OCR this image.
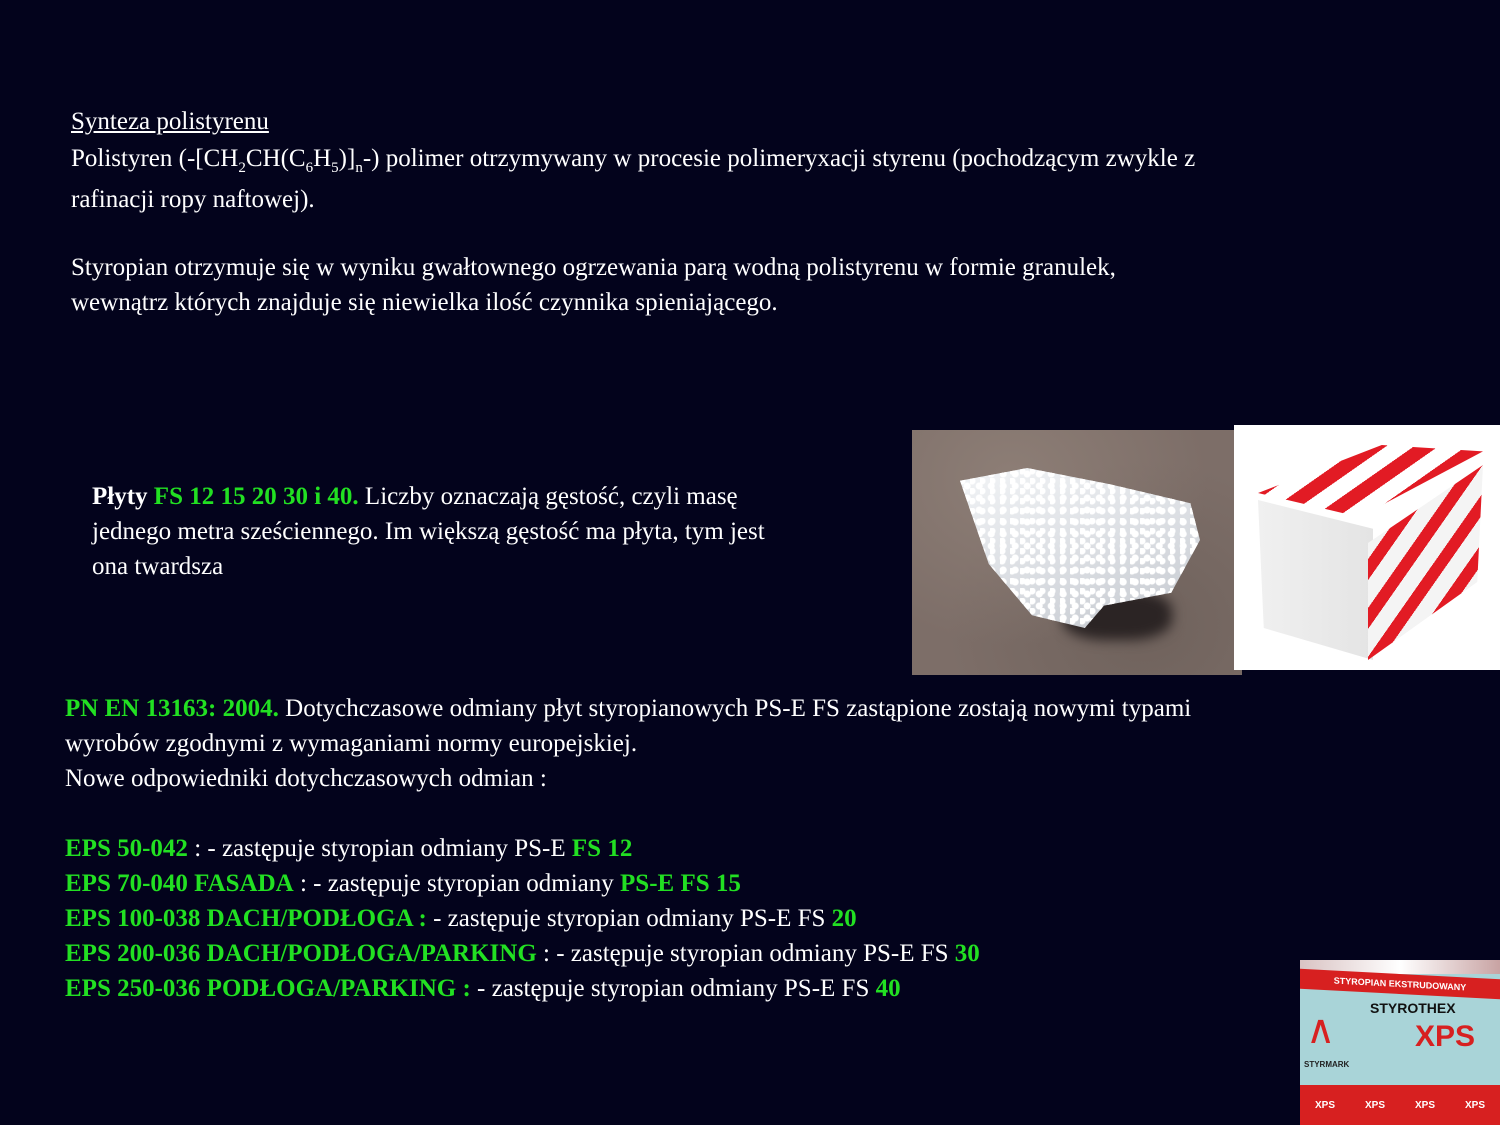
Synteza polistyrenu
Polistyren $(-[CH_2CH(C_6H_5)]_n-)$ polimer otrzymywany w procesie polimeryxacji styrenu (pochodzącym zwykle z
rafinacji ropy naftowej).
Styropian otrzymuje się w wyniku gwałtownego ogrzewania parą wodną polistyrenu w formie granulek,
wewnątrz których znajduje się niewielka ilość czynnika spieniającego.
Płyty FS 12 15 20 30 i 40. Liczby oznaczają gęstość, czyli masę
jednego metra sześciennego. Im większą gęstość ma płyta, tym jest
ona twardsza
PN EN 13163: 2004. Dotychczasowe odmiany płyt styropianowych PS-E FS zastąpione zostają nowymi typami
wyrobów zgodnymi z wymaganiami normy europejskiej.
Nowe odpowiedniki dotychczasowych odmian :
EPS 50-042 : - zastępuje styropian odmiany PS-E FS 12
EPS 70-040 FASADA : - zastępuje styropian odmiany PS-E FS 15
EPS 100-038 DACH/PODŁOGA : - zastępuje styropian odmiany PS-E FS 20
EPS 200-036 DACH/PODŁOGA/PARKING : - zastępuje styropian odmiany PS-E FS 30
EPS 250-036 PODŁOGA/PARKING : - zastępuje styropian odmiany PS-E FS 40	STYROPIAN EKSTRUDOWANY
∧	STYROTHEX
XPS
STYRMARK
XPS	XPS	XPS	XPS
